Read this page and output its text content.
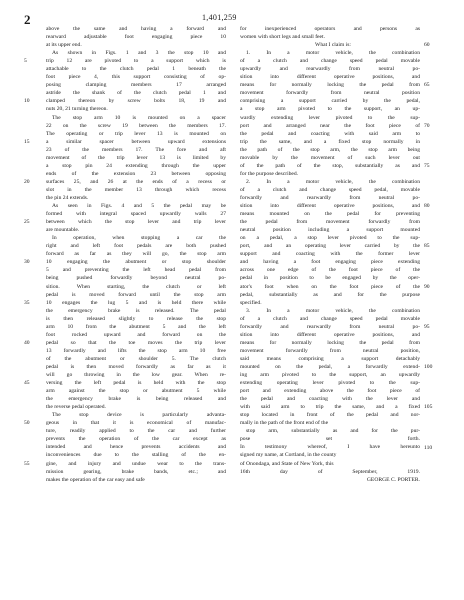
2	1,401,259
5
10
15
20
25
30
35
40
45
50
55
above the same and having a forward and
rearward adjustable foot engaging piece 10
at its upper end.
As shown in Figs. 1 and 3 the stop 10 and
trip 12 are pivoted to a support which is
attachable to the clutch pedal 1 beneath the
foot piece 4, this support consisting of op-
posing clamping members 17 arranged
astride the shank of the clutch pedal 1 and
clamped thereon by screw bolts 18, 19 and
nuts 20, 21 turning thereon.
The stop arm 10 is mounted on a spacer
22 on the screw 19 between the members 17.
The operating or trip lever 13 is mounted on
a similar spacer between upward extensions
23 of the members 17. The fore and aft
movement of the trip lever 13 is limited by
a stop pin 24 extending through the upper
ends of the extension 23 between opposing
surfaces 25, and 26 at the ends of a recess or
slot in the member 13 through which recess
the pin 24 extends.
As seen in Figs. 4 and 5 the pedal may be
formed with integral spaced upwardly walls 27
between which the stop lever and trip lever
are mountable.
In operation, when stopping a car the
right and left foot pedals are both pushed
forward as far as they will go, the stop arm
10 engaging the abutment or stop shoulder
5 and preventing the left head pedal from
being pushed forwardly beyond neutral po-
sition. When starting, the clutch or left
pedal is moved forward until the stop arm
10 engages the lug 5 and is held there while
the emergency brake is released. The pedal
is then released slightly to release the stop
arm 10 from the abutment 5 and the left
foot rocked upward and forward on the
pedal so that the toe moves the trip lever
13 forwardly and lifts the stop arm 10 free
of the abutment or shoulder 5. The clutch
pedal is then moved forwardly as far as it
will go throwing in the low gear. When re-
versing the left pedal is held with the stop
arm against the stop or abutment 5 while
the emergency brake is being released and
the reverse pedal operated.
The stop device is particularly advanta-
geous in that it is economical of manufac-
ture, readily applied to the car and further
prevents the operation of the car except as
intended and hence prevents accidents and
inconveniences due to the stalling of the en-
gine, and injury and undue wear to the trans-
mission gearing, brake bands, etc.; and
makes the operation of the car easy and safe
for inexperienced operators and persons as
women with short legs and small feet.
What I claim is:
1. In a motor vehicle, the combination
of a clutch and change speed pedal movable
upwardly and rearwardly from neutral po-
sition into different operative positions, and
means for normally locking the pedal from
movement forwardly from neutral position
comprising a support carried by the pedal,
a stop arm pivoted to the support, an up-
wardly extending lever pivoted to the sup-
port and arranged near the foot piece of
the pedal and coacting with said arm to
trip the same, and a fixed stop normally in
the path of the stop arm, the stop arm being
movable by the movement of such lever out
of the path of the stop, substantially as and
for the purpose described.
2. In a motor vehicle, the combination
of a clutch and change speed pedal, movable
forwardly and rearwardly from neutral po-
sition into different operative positions, and
means mounted on the pedal for preventing
the pedal from movement forwardly from
neutral position including a support mounted
on a pedal, a stop lever pivoted to the sup-
port, and an operating lever carried by the
support and coacting with the former lever
and having a foot engaging piece extending
across one edge of the foot piece of the
pedal in position to be engaged by the oper-
ator's foot when on the foot piece of the
pedal, substantially as and for the purpose
specified.
3. In a motor vehicle, the combination
of a clutch and change speed pedal movable
forwardly and rearwardly from neutral po-
sition into different operative positions, and
means for normally locking the pedal from
movement forwardly from neutral position,
said means comprising a support detachably
mounted on the pedal, a forwardly extend-
ing arm pivoted to the support, an upwardly
extending operating lever pivoted to the sup-
port and extending above the foot piece of
the pedal and coacting with the lever and
with said arm to trip the same, and a fixed
stop located in front of the pedal and nor-
mally in the path of the front end of the
stop arm, substantially as and for the pur-
pose set forth.
In testimony whereof, I have hereunto
signed my name, at Cortland, in the county
of Onondaga, and State of New York, this
16th day of September, 1919.
GEORGE C. PORTER.
60
65
70
75
80
85
90
95
100
105
110
